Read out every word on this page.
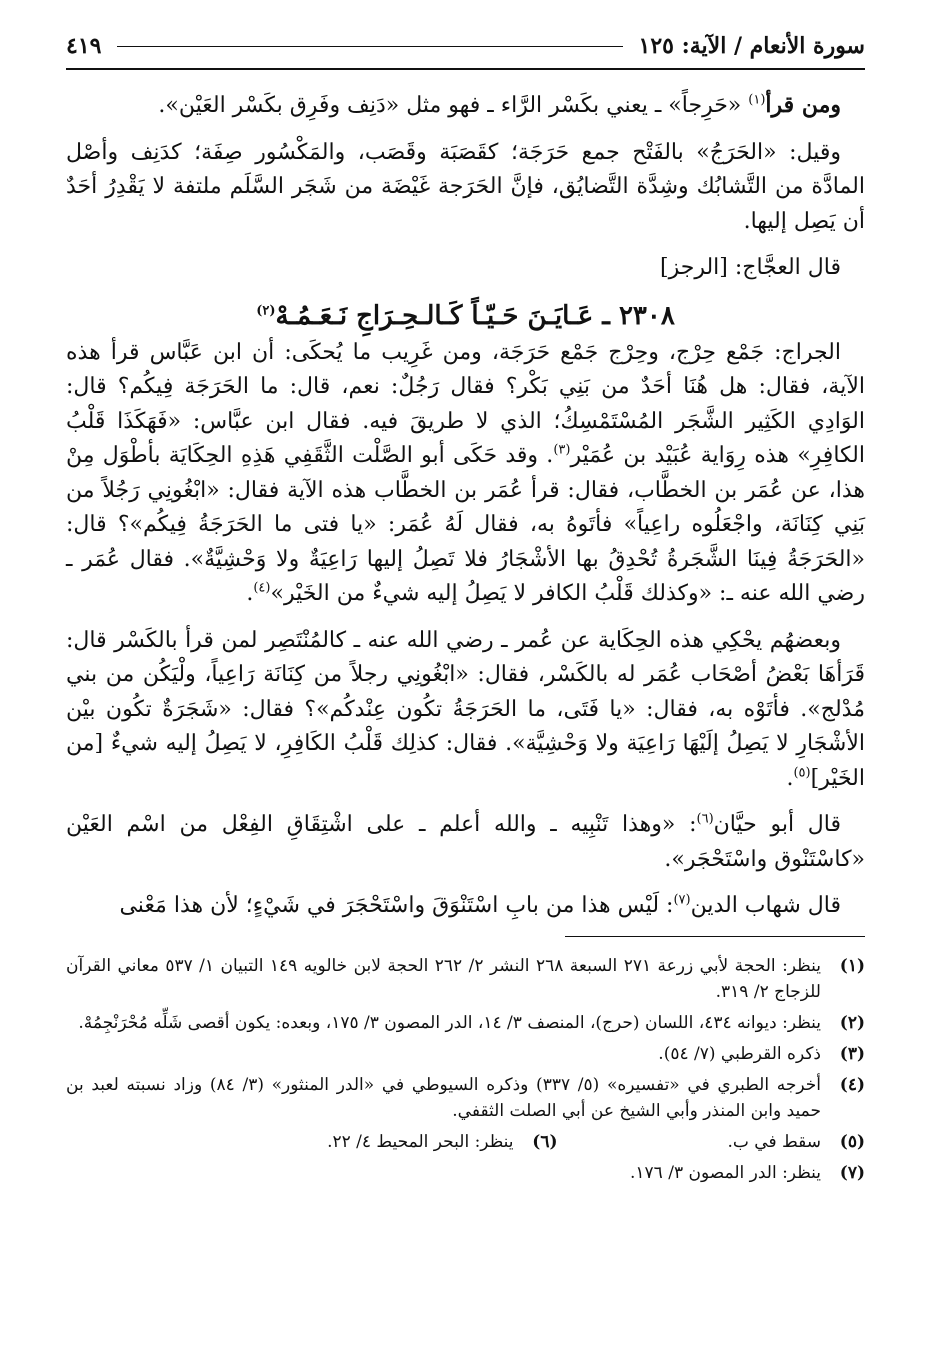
سورة الأنعام / الآية: ١٢٥
٤١٩

ومن قرأ$^{(١)}$ «حَرِجاً» ـ يعني بكَسْر الرَّاء ـ فهو مثل «دَنِف وفَرِق بكَسْر العَيْن».

وقيل: «الحَرَجُ» بالفَتْح جمع حَرَجَة؛ كقَصَبَة وقَصَب، والمَكْسُور صِفَة؛ كدَنِف وأصْل المادَّة من التَّشابُك وشِدَّة التَّضايُق، فإنَّ الحَرَجة غَيْضَة من شَجَر السَّلَم ملتفة لا يَقْدِرُ أحَدٌ أن يَصِل إليها.

قال العجَّاج: [الرجز]

٢٣٠٨ ـ عَـايَـنَ حَـيّـاً كَـالـحِـرَاجِ نَـعَـمُـهْ$^{(٢)}$

الجراج: جَمْع حِرْج، وحِرْج جَمْع حَرَجَة، ومن غَرِيب ما يُحكَى: أن ابن عَبَّاس قرأ هذه الآية، فقال: هل هُنَا أحَدٌ من بَنِي بَكْر؟ فقال رَجُلٌ: نعم، قال: ما الحَرَجَة فِيكُم؟ قال: الوَادِي الكَثِير الشَّجَر المُسْتَمْسِكُ؛ الذي لا طريقَ فيه. فقال ابن عبَّاس: «فَهَكَذَا قَلْبُ الكافِرِ» هذه رِوَاية عُبَيْد بن عُمَيْر$^{(٣)}$. وقد حَكَى أبو الصَّلْت الثَّقَفِي هَذِهِ الحِكَايَة بأطْوَل مِنْ هذا، عن عُمَر بن الخطَّاب، فقال: قرأ عُمَر بن الخطَّاب هذه الآية فقال: «ابْغُونِي رَجُلاً من بَنِي كِنَانَة، واجْعَلُوه راعِياً» فأتَوهُ به، فقال لَهُ عُمَر: «يا فتى ما الحَرَجَةُ فِيكُم»؟ قال: «الحَرَجَةُ فِينَا الشَّجَرةُ تُحْدِقُ بها الأشْجَارُ فلا تَصِلُ إليها رَاعِيَةٌ ولا وَحْشِيَّةٌ». فقال عُمَر ـ رضي الله عنه ـ: «وكذلك قَلْبُ الكافر لا يَصِلُ إليه شيءٌ من الخَيْر»$^{(٤)}$.

وبعضهُم يحْكِي هذه الحِكَاية عن عُمر ـ رضي الله عنه ـ كالمُنْتَصِر لمن قرأ بالكَسْر قال: قَرَأهَا بَعْضُ أصْحَاب عُمَر له بالكَسْر، فقال: «ابْغُونِي رجلاً من كِنَانَة رَاعِياً، ولْيَكُن من بني مُدْلج». فأتَوْه به، فقال: «يا فَتَى، ما الحَرَجَةُ تكُون عِنْدكُم»؟ فقال: «شَجَرَةٌ تكُون بيْن الأشْجَارِ لا يَصِلُ إلَيْهَا رَاعِيَة ولا وَحْشِيَّة». فقال: كذلِك قَلْبُ الكَافِرِ، لا يَصِلُ إليه شيءٌ [من الخَيْر]$^{(٥)}$.

قال أبو حيَّان$^{(٦)}$: «وهذا تَنْبِيه ـ والله أعلم ـ على اشْتِقَاقِ الفِعْل من اسْم العَيْن «كاسْتَنْوق واسْتَحْجَر».

قال شهاب الدين$^{(٧)}$: لَيْس هذا من بابِ اسْتَنْوَقَ واسْتَحْجَرَ في شَيْءٍ؛ لأن هذا مَعْنى

(١)
ينظر: الحجة لأبي زرعة ٢٧١ السبعة ٢٦٨ النشر ٢/ ٢٦٢ الحجة لابن خالويه ١٤٩ التبيان ١/ ٥٣٧ معاني القرآن للزجاج ٢/ ٣١٩.
(٢)
ينظر: ديوانه ٤٣٤، اللسان (حرج)، المنصف ٣/ ١٤، الدر المصون ٣/ ١٧٥، وبعده: يكون أقصى شَلِّه مُحْرَنْجِمُهْ.
(٣)
ذكره القرطبي (٧/ ٥٤).
(٤)
أخرجه الطبري في «تفسيره» (٥/ ٣٣٧) وذكره السيوطي في «الدر المنثور» (٣/ ٨٤) وزاد نسبته لعبد بن حميد وابن المنذر وأبي الشيخ عن أبي الصلت الثقفي.
(٥)
سقط في ب.
(٦)
ينظر: البحر المحيط ٤/ ٢٢.
(٧)
ينظر: الدر المصون ٣/ ١٧٦.
